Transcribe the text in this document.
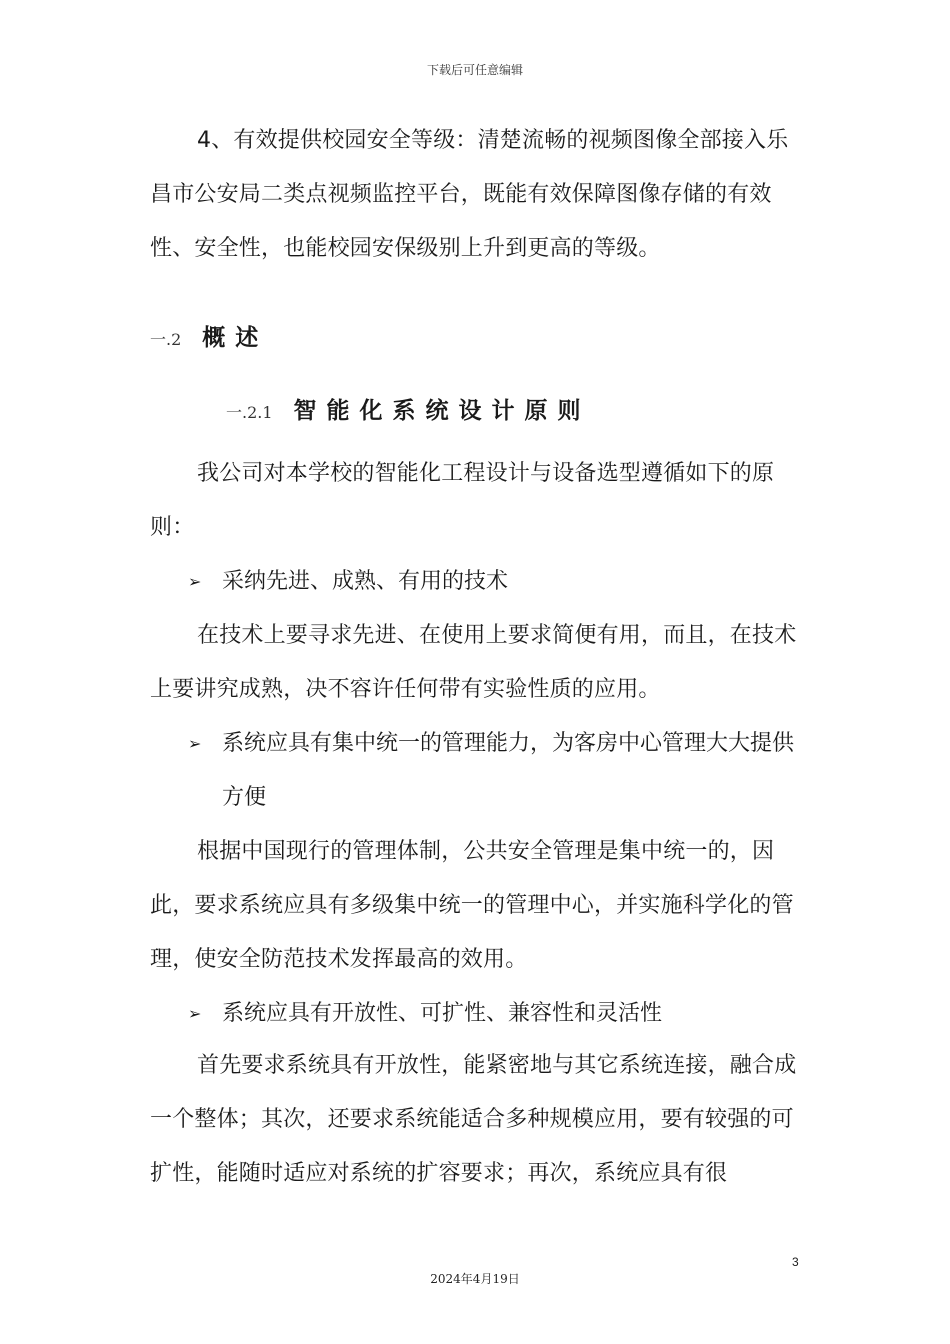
下载后可任意编辑
4、有效提供校园安全等级：清楚流畅的视频图像全部接入乐昌市公安局二类点视频监控平台，既能有效保障图像存储的有效性、安全性，也能校园安保级别上升到更高的等级。
一.2 概述
一.2.1 智能化系统设计原则
我公司对本学校的智能化工程设计与设备选型遵循如下的原则：
➢ 采纳先进、成熟、有用的技术
在技术上要寻求先进、在使用上要求简便有用，而且，在技术上要讲究成熟，决不容许任何带有实验性质的应用。
➢ 系统应具有集中统一的管理能力，为客房中心管理大大提供方便
根据中国现行的管理体制，公共安全管理是集中统一的，因此，要求系统应具有多级集中统一的管理中心，并实施科学化的管理，使安全防范技术发挥最高的效用。
➢ 系统应具有开放性、可扩性、兼容性和灵活性
首先要求系统具有开放性，能紧密地与其它系统连接，融合成一个整体；其次，还要求系统能适合多种规模应用，要有较强的可扩性，能随时适应对系统的扩容要求；再次，系统应具有很
3
2024年4月19日
